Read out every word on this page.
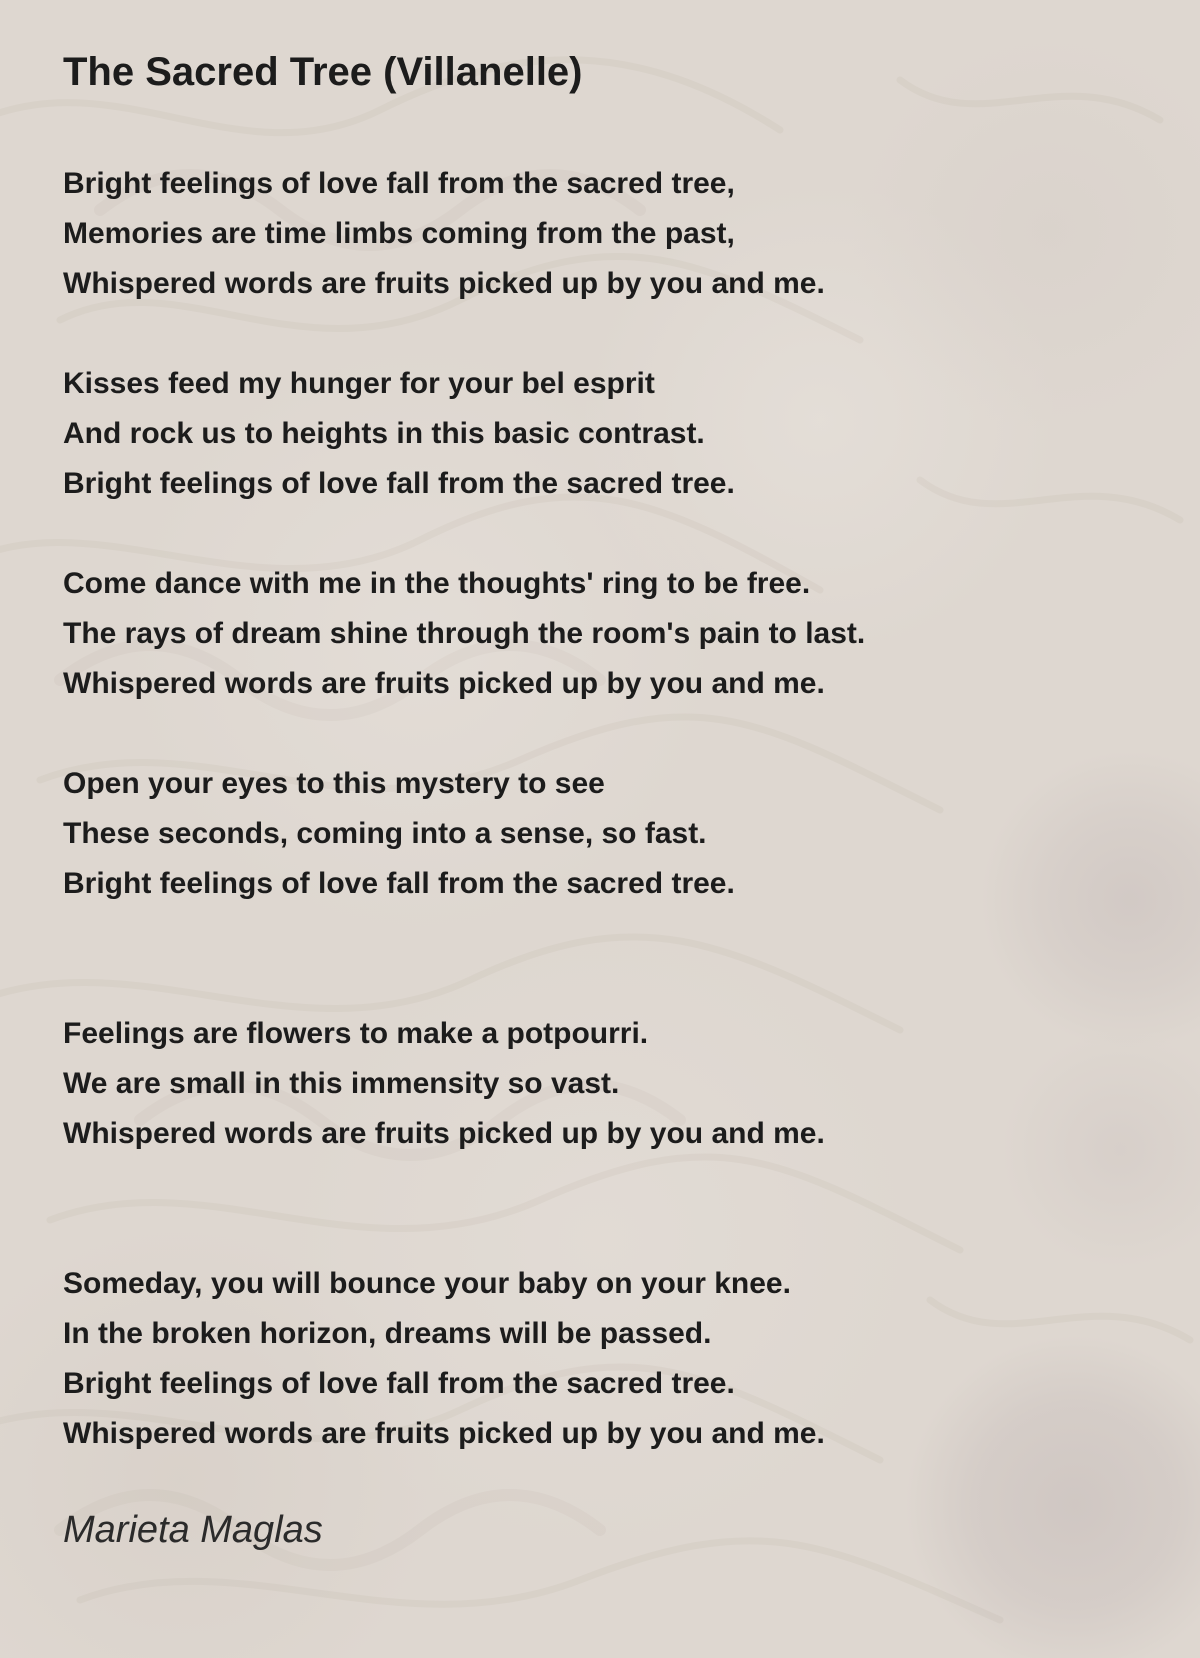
The Sacred Tree (Villanelle)

Bright feelings of love fall from the sacred tree,

Memories are time limbs coming from the past,

Whispered words are fruits picked up by you and me.

Kisses feed my hunger for your bel esprit

And rock us to heights in this basic contrast.

Bright feelings of love fall from the sacred tree.

Come dance with me in the thoughts' ring to be free.

The rays of dream shine through the room's pain to last.

Whispered words are fruits picked up by you and me.

Open your eyes to this mystery to see

These seconds, coming into a sense, so fast.

Bright feelings of love fall from the sacred tree.

Feelings are flowers to make a potpourri.

We are small in this immensity so vast.

Whispered words are fruits picked up by you and me.

Someday, you will bounce your baby on your knee.

In the broken horizon, dreams will be passed.

Bright feelings of love fall from the sacred tree.

Whispered words are fruits picked up by you and me.

Marieta Maglas
